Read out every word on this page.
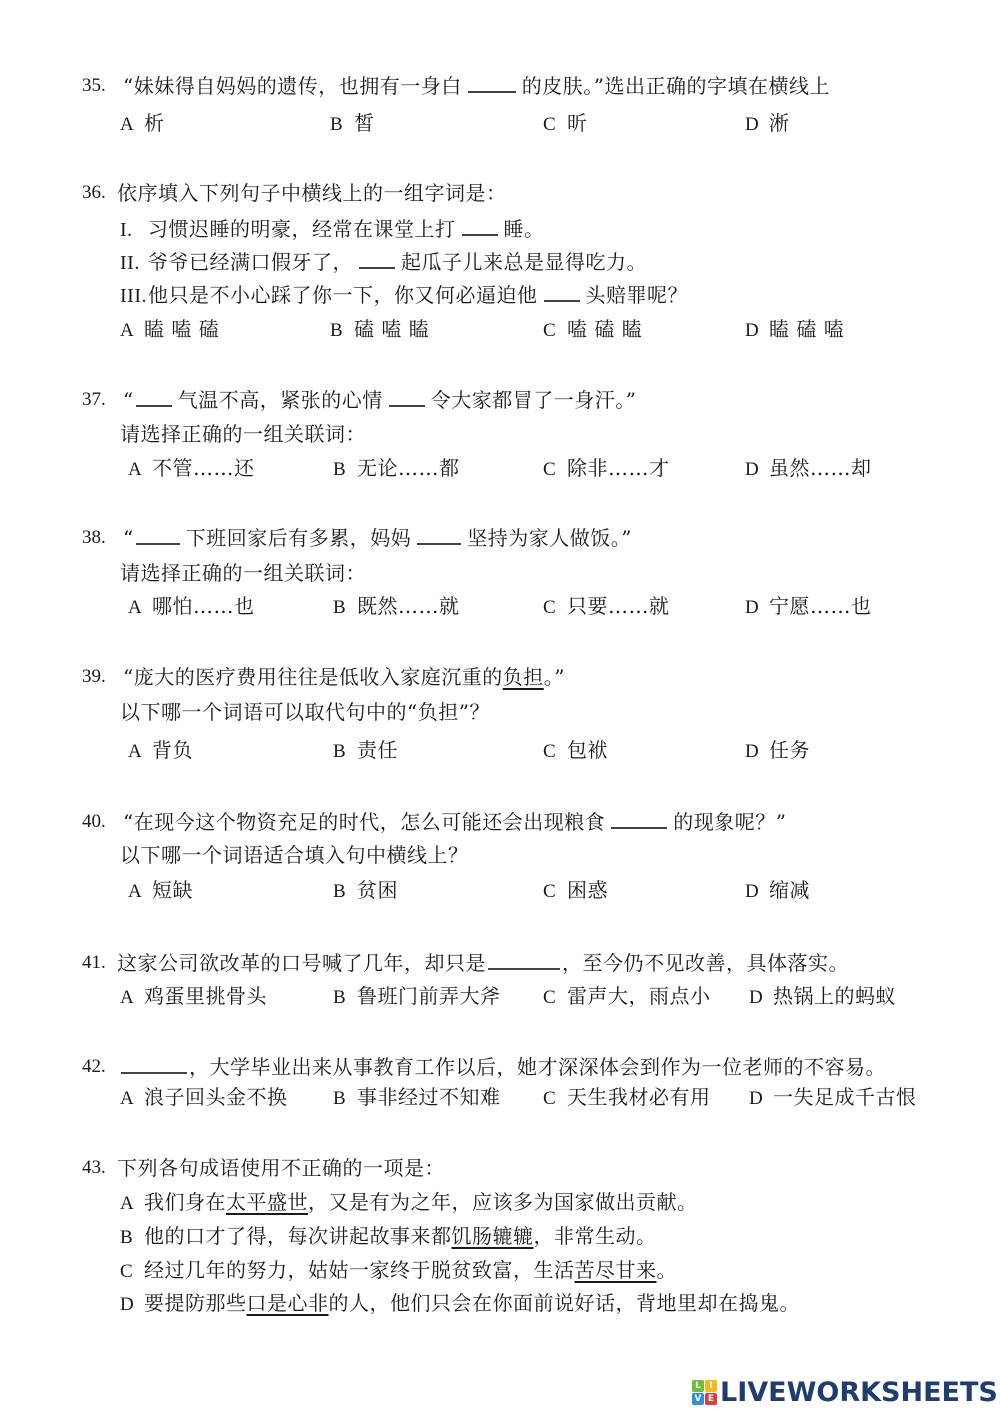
35. “妹妹得自妈妈的遗传，也拥有一身白	的皮肤。”选出正确的字填在横线上
A 析	B 皙	C 昕	D 淅
36. 依序填入下列句子中横线上的一组字词是：
I. 习惯迟睡的明豪，经常在课堂上打 睡。
II. 爷爷已经满口假牙了， 起瓜子儿来总是显得吃力。
III.他只是不小心踩了你一下，你又何必逼迫他 头赔罪呢？
A 瞌 嗑 磕	B 磕 嗑 瞌	C 嗑 磕 瞌	D 瞌 磕 嗑
37. “ 气温不高，紧张的心情 令大家都冒了一身汗。”
请选择正确的一组关联词：
A 不管……还	B 无论……都	C 除非……才	D 虽然……却
38. “	下班回家后有多累，妈妈	坚持为家人做饭。”
请选择正确的一组关联词：
A 哪怕……也	B 既然……就	C 只要……就	D 宁愿……也
39. “庞大的医疗费用往往是低收入家庭沉重的负担。”
以下哪一个词语可以取代句中的“负担”？
A 背负	B 责任	C 包袱	D 任务
40. “在现今这个物资充足的时代，怎么可能还会出现粮食	的现象呢？”
以下哪一个词语适合填入句中横线上？
A 短缺	B 贫困	C 困惑	D 缩减
41. 这家公司欲改革的口号喊了几年，却只是	，至今仍不见改善，具体落实。
A 鸡蛋里挑骨头	B 鲁班门前弄大斧 C 雷声大，雨点小 D 热锅上的蚂蚁
42.	，大学毕业出来从事教育工作以后，她才深深体会到作为一位老师的不容易。
A 浪子回头金不换 B 事非经过不知难 C 天生我材必有用 D 一失足成千古恨
43. 下列各句成语使用不正确的一项是：
A 我们身在太平盛世，又是有为之年，应该多为国家做出贡献。
B 他的口才了得，每次讲起故事来都饥肠辘辘，非常生动。
C 经过几年的努力，姑姑一家终于脱贫致富，生活苦尽甘来。
D 要提防那些口是心非的人，他们只会在你面前说好话，背地里却在捣鬼。
L I
V E LIVEWORKSHEETS
